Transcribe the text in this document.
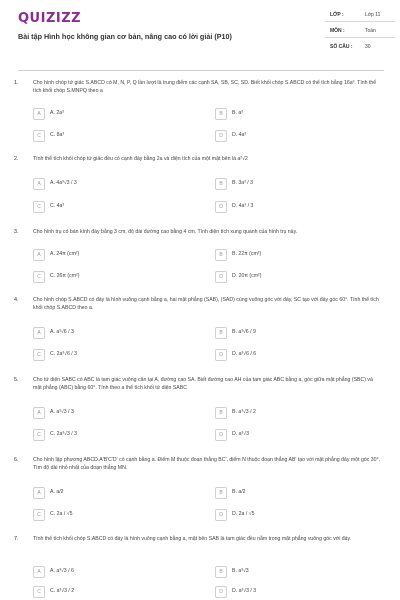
QUIZIZZ
Bài tập Hình học không gian cơ bản, nâng cao có lời giải (P10)
LỚP :	Lớp 11
MÔN :	Toán
SỐ CÂU :	30
1.	Cho hình chóp tứ giác S.ABCD có M, N, P, Q lần lượt là trung điểm các cạnh SA, SB, SC, SD. Biết khối chóp S.ABCD có thể tích bằng 16a³. Tính thể tích khối chóp S.MNPQ theo a
A	A. 2a³	B	B. a³
C	C. 8a³	D	D. 4a³
2.	Tính thể tích khối chóp tứ giác đều có cạnh đáy bằng 2a và diện tích của một mặt bên là a²√2
A	A. 4a³√3 / 3	B	B. 3a³ / 3
C	C. 4a³	D	D. 4a³ / 3
3.	Cho hình trụ có bán kính đáy bằng 3 cm, độ dài đường cao bằng 4 cm. Tính diện tích xung quanh của hình trụ này.
A	A. 24π (cm²)	B	B. 22π (cm²)
C	C. 26π (cm²)	D	D. 20π (cm²)
4.	Cho hình chóp S.ABCD có đáy là hình vuông cạnh bằng a, hai mặt phẳng (SAB), (SAD) cùng vuông góc với đáy, SC tạo với đáy góc 60°. Tính thể tích khối chóp S.ABCD theo a.
A	A. a³√6 / 3	B	B. a³√6 / 9
C	C. 2a³√6 / 3	D	D. a³√6 / 6
5.	Cho tứ diện SABC có ABC là tam giác vuông cân tại A, đường cao SA. Biết đường cao AH của tam giác ABC bằng a, góc giữa mặt phẳng (SBC) và mặt phẳng (ABC) bằng 60°. Tính theo a thể tích khối tứ diện SABC
A	A. a³√3 / 3	B	B. a³√3 / 2
C	C. 2a³√3 / 3	D	D. a³√3
6.	Cho hình lập phương ABCD.A'B'C'D' có cạnh bằng a. Điểm M thuộc đoạn thẳng BC', điểm N thuộc đoạn thẳng AB' tạo với mặt phẳng đáy một góc 30°. Tìm độ dài nhỏ nhất của đoạn thẳng MN.
A	A. a/2	B	B. a/2
C	C. 2a / √5	D	D. 2a / √5
7.	Tính thể tích khối chóp S.ABCD có đáy là hình vuông cạnh bằng a, mặt bên SAB là tam giác đều nằm trong mặt phẳng vuông góc với đáy.
A	A. a³√3 / 6	B	B. a³√3
C	C. a³√3 / 2	D	D. a³√3 / 3
